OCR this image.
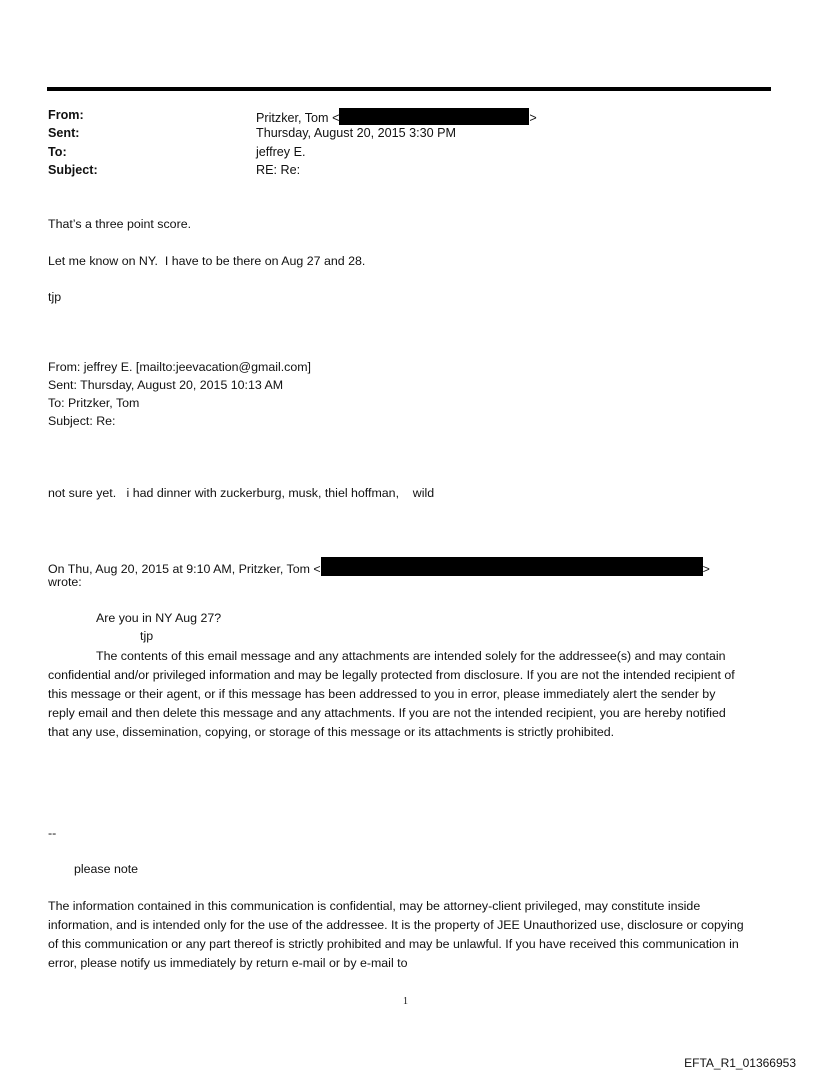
From:	Pritzker, Tom <	>
Sent:	Thursday, August 20, 2015 3:30 PM
To:	jeffrey E.
Subject:	RE: Re:
That’s a three point score.
Let me know on NY.  I have to be there on Aug 27 and 28.
tjp
From: jeffrey E. [mailto:jeevacation@gmail.com]
Sent: Thursday, August 20, 2015 10:13 AM
To: Pritzker, Tom
Subject: Re:
not sure yet.   i had dinner with zuckerburg, musk, thiel hoffman,    wild
On Thu, Aug 20, 2015 at 9:10 AM, Pritzker, Tom <	>
wrote:
Are you in NY Aug 27?
tjp
The contents of this email message and any attachments are intended solely for the addressee(s) and may contain confidential and/or privileged information and may be legally protected from disclosure. If you are not the intended recipient of this message or their agent, or if this message has been addressed to you in error, please immediately alert the sender by reply email and then delete this message and any attachments. If you are not the intended recipient, you are hereby notified that any use, dissemination, copying, or storage of this message or its attachments is strictly prohibited.
--
please note
The information contained in this communication is confidential, may be attorney-client privileged, may constitute inside information, and is intended only for the use of the addressee. It is the property of JEE Unauthorized use, disclosure or copying of this communication or any part thereof is strictly prohibited and may be unlawful. If you have received this communication in error, please notify us immediately by return e-mail or by e-mail to
1
EFTA_R1_01366953
